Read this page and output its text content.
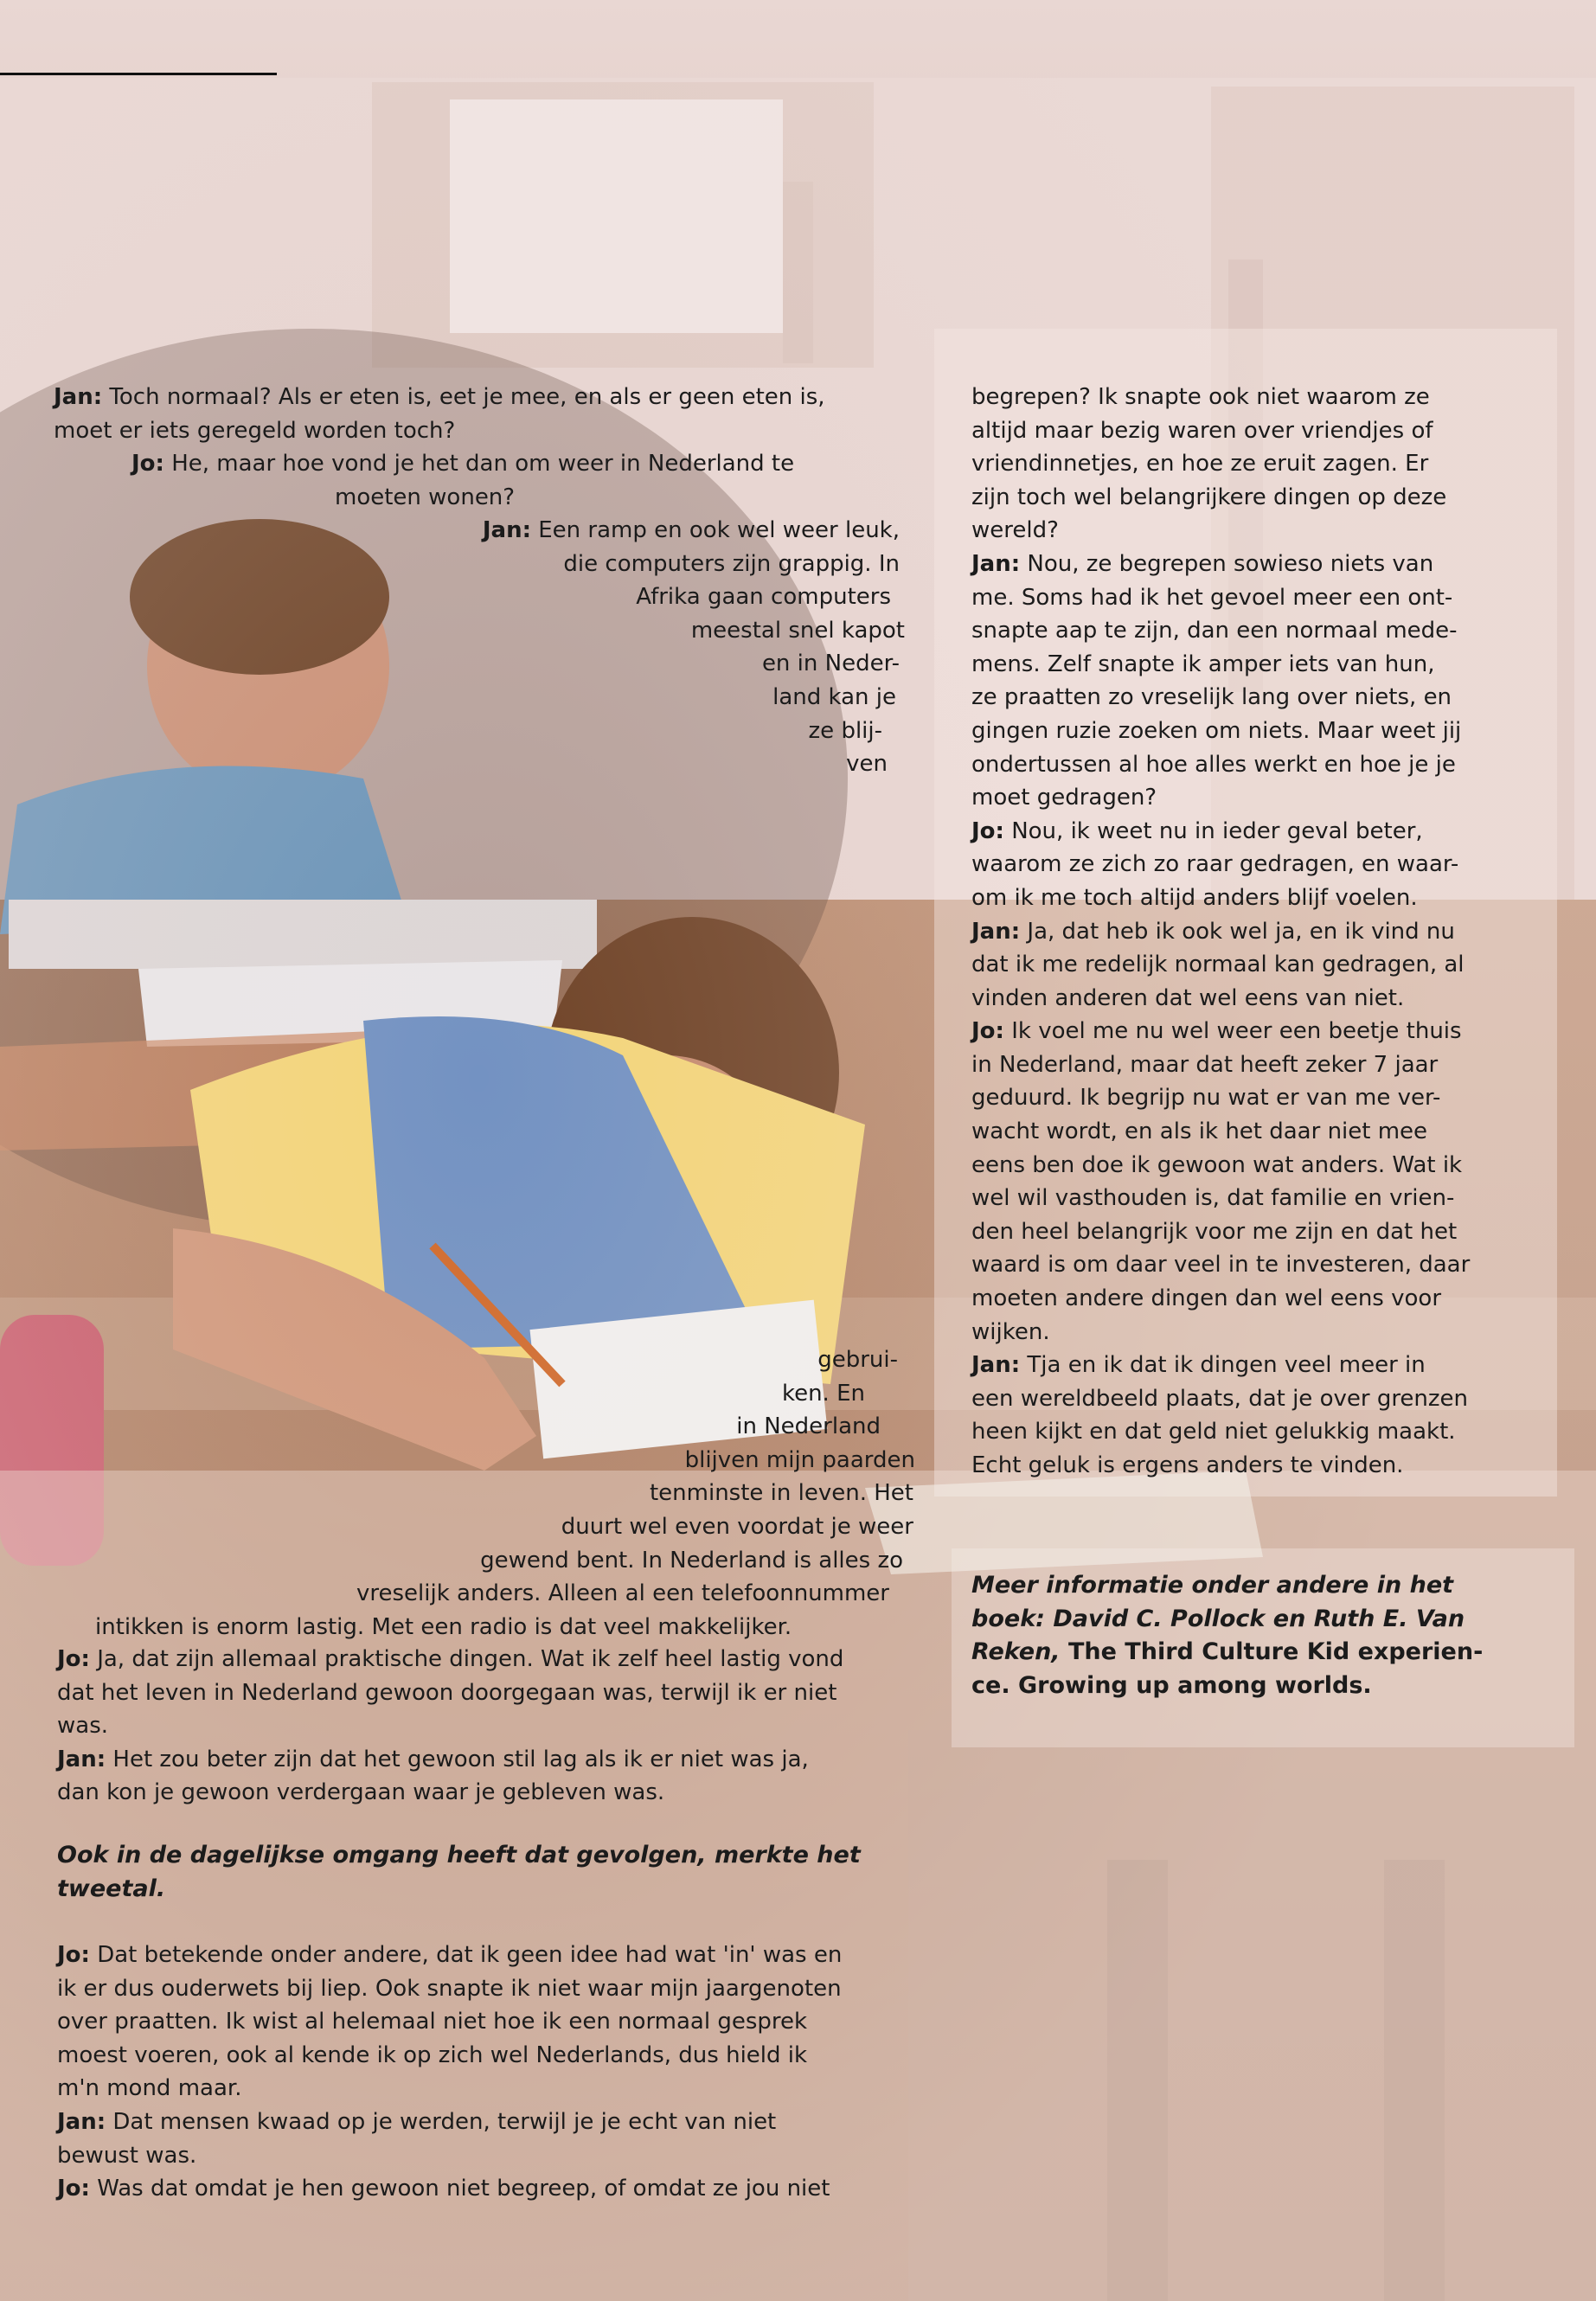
Jan: Toch normaal? Als er eten is, eet je mee, en als er geen eten is,

moet er iets geregeld worden toch?

Jo: He, maar hoe vond je het dan om weer in Nederland te

moeten wonen?

Jan: Een ramp en ook wel weer leuk,

die computers zijn grappig. In

Afrika gaan computers

meestal snel kapot

en in Neder-

land kan je

ze blij-

ven

gebrui-

ken. En

in Nederland

blijven mijn paarden

tenminste in leven. Het

duurt wel even voordat je weer

gewend bent. In Nederland is alles zo

vreselijk anders. Alleen al een telefoonnummer

intikken is enorm lastig. Met een radio is dat veel makkelijker.

Jo: Ja, dat zijn allemaal praktische dingen. Wat ik zelf heel lastig vond

dat het leven in Nederland gewoon doorgegaan was, terwijl ik er niet

was.

Jan: Het zou beter zijn dat het gewoon stil lag als ik er niet was ja,

dan kon je gewoon verdergaan waar je gebleven was.

Ook in de dagelijkse omgang heeft dat gevolgen, merkte het

tweetal.

Jo: Dat betekende onder andere, dat ik geen idee had wat 'in' was en

ik er dus ouderwets bij liep. Ook snapte ik niet waar mijn jaargenoten

over praatten. Ik wist al helemaal niet hoe ik een normaal gesprek

moest voeren, ook al kende ik op zich wel Nederlands, dus hield ik

m'n mond maar.

Jan: Dat mensen kwaad op je werden, terwijl je je echt van niet

bewust was.

Jo: Was dat omdat je hen gewoon niet begreep, of omdat ze jou niet

begrepen? Ik snapte ook niet waarom ze

altijd maar bezig waren over vriendjes of

vriendinnetjes, en hoe ze eruit zagen. Er

zijn toch wel belangrijkere dingen op deze

wereld?

Jan: Nou, ze begrepen sowieso niets van

me. Soms had ik het gevoel meer een ont-

snapte aap te zijn, dan een normaal mede-

mens. Zelf snapte ik amper iets van hun,

ze praatten zo vreselijk lang over niets, en

gingen ruzie zoeken om niets. Maar weet jij

ondertussen al hoe alles werkt en hoe je je

moet gedragen?

Jo: Nou, ik weet nu in ieder geval beter,

waarom ze zich zo raar gedragen, en waar-

om ik me toch altijd anders blijf voelen.

Jan: Ja, dat heb ik ook wel ja, en ik vind nu

dat ik me redelijk normaal kan gedragen, al

vinden anderen dat wel eens van niet.

Jo: Ik voel me nu wel weer een beetje thuis

in Nederland, maar dat heeft zeker 7 jaar

geduurd. Ik begrijp nu wat er van me ver-

wacht wordt, en als ik het daar niet mee

eens ben doe ik gewoon wat anders. Wat ik

wel wil vasthouden is, dat familie en vrien-

den heel belangrijk voor me zijn en dat het

waard is om daar veel in te investeren, daar

moeten andere dingen dan wel eens voor

wijken.

Jan: Tja en ik dat ik dingen veel meer in

een wereldbeeld plaats, dat je over grenzen

heen kijkt en dat geld niet gelukkig maakt.

Echt geluk is ergens anders te vinden.

Meer informatie onder andere in het

boek: David C. Pollock en Ruth E. Van

Reken, The Third Culture Kid experien-

ce. Growing up among worlds.
